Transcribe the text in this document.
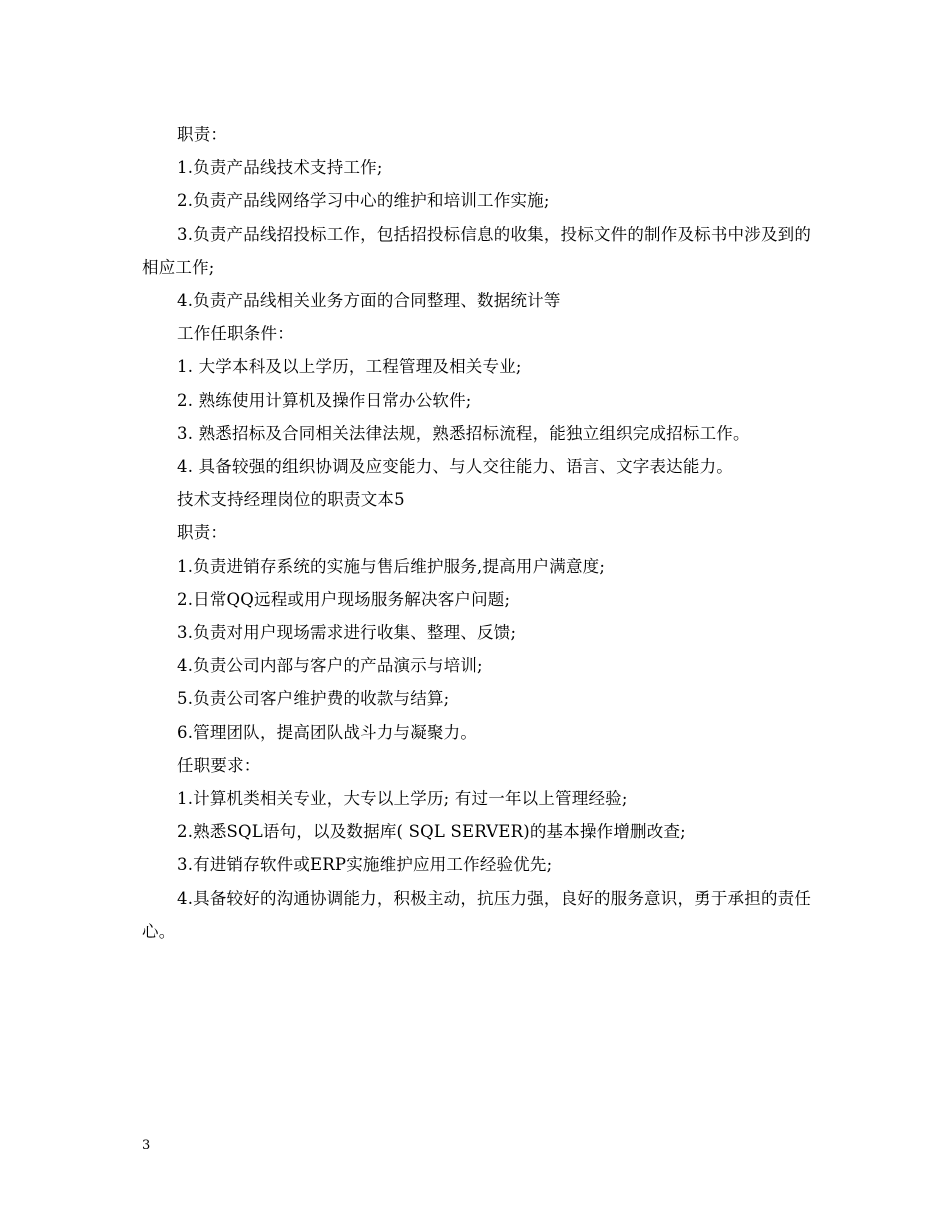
职责：

1.负责产品线技术支持工作;

2.负责产品线网络学习中心的维护和培训工作实施;

3.负责产品线招投标工作，包括招投标信息的收集，投标文件的制作及标书中涉及到的相应工作;

4.负责产品线相关业务方面的合同整理、数据统计等

工作任职条件：

1. 大学本科及以上学历，工程管理及相关专业;

2. 熟练使用计算机及操作日常办公软件;

3. 熟悉招标及合同相关法律法规，熟悉招标流程，能独立组织完成招标工作。

4. 具备较强的组织协调及应变能力、与人交往能力、语言、文字表达能力。

技术支持经理岗位的职责文本5

职责：

1.负责进销存系统的实施与售后维护服务,提高用户满意度;

2.日常QQ远程或用户现场服务解决客户问题;

3.负责对用户现场需求进行收集、整理、反馈;

4.负责公司内部与客户的产品演示与培训;

5.负责公司客户维护费的收款与结算;

6.管理团队，提高团队战斗力与凝聚力。

任职要求：

1.计算机类相关专业，大专以上学历; 有过一年以上管理经验;

2.熟悉SQL语句，以及数据库( SQL SERVER)的基本操作增删改查;

3.有进销存软件或ERP实施维护应用工作经验优先;

4.具备较好的沟通协调能力，积极主动，抗压力强，良好的服务意识，勇于承担的责任心。

3
